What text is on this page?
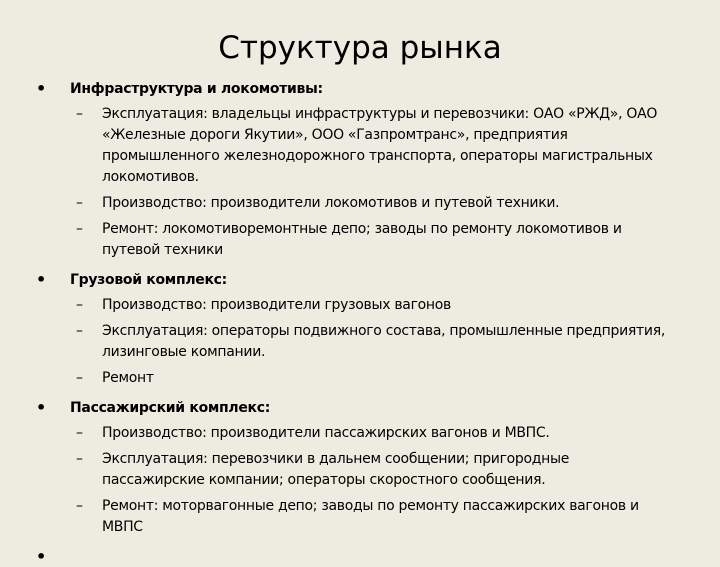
Структура рынка
• Инфраструктура и локомотивы:
– Эксплуатация: владельцы инфраструктуры и перевозчики: ОАО «РЖД», ОАО «Железные дороги Якутии», ООО «Газпромтранс», предприятия промышленного железнодорожного транспорта, операторы магистральных локомотивов.
– Производство: производители локомотивов и путевой техники.
– Ремонт: локомотиворемонтные депо; заводы по ремонту локомотивов и путевой техники
• Грузовой комплекс:
– Производство: производители грузовых вагонов
– Эксплуатация: операторы подвижного состава, промышленные предприятия, лизинговые компании.
– Ремонт
• Пассажирский комплекс:
– Производство: производители пассажирских вагонов и МВПС.
– Эксплуатация: перевозчики в дальнем сообщении; пригородные пассажирские компании; операторы скоростного сообщения.
– Ремонт: моторвагонные депо; заводы по ремонту пассажирских вагонов и МВПС
•
